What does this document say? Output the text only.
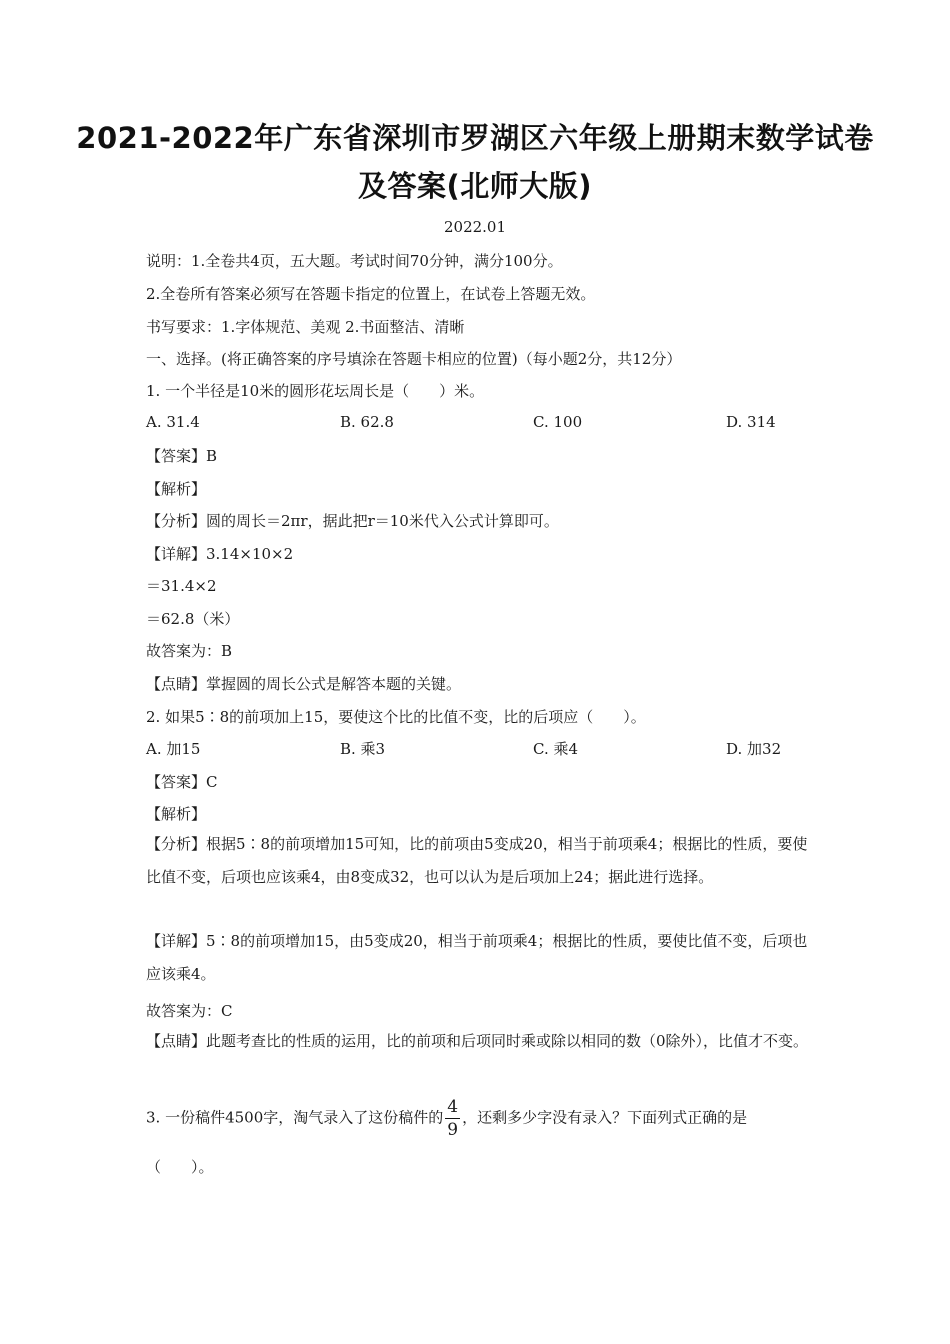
2021-2022年广东省深圳市罗湖区六年级上册期末数学试卷
及答案(北师大版)
2022.01
说明：1.全卷共4页，五大题。考试时间70分钟，满分100分。
2.全卷所有答案必须写在答题卡指定的位置上，在试卷上答题无效。
书写要求：1.字体规范、美观 2.书面整洁、清晰
一、选择。(将正确答案的序号填涂在答题卡相应的位置)（每小题2分，共12分）
1. 一个半径是10米的圆形花坛周长是（　　）米。
A. 31.4	B. 62.8	C. 100	D. 314
【答案】B
【解析】
【分析】圆的周长＝2πr，据此把r＝10米代入公式计算即可。
【详解】3.14×10×2
＝31.4×2
＝62.8（米）
故答案为：B
【点睛】掌握圆的周长公式是解答本题的关键。
2. 如果5∶8的前项加上15，要使这个比的比值不变，比的后项应（　　）。
A. 加15	B. 乘3	C. 乘4	D. 加32
【答案】C
【解析】
【分析】根据5∶8的前项增加15可知，比的前项由5变成20，相当于前项乘4；根据比的性质，要使比值不变，后项也应该乘4，由8变成32，也可以认为是后项加上24；据此进行选择。
【详解】5∶8的前项增加15，由5变成20，相当于前项乘4；根据比的性质，要使比值不变，后项也应该乘4。
故答案为：C
【点睛】此题考查比的性质的运用，比的前项和后项同时乘或除以相同的数（0除外），比值才不变。
3. 一份稿件4500字，淘气录入了这份稿件的 $\frac{4}{9}$ ，还剩多少字没有录入？下面列式正确的是
（　　）。
